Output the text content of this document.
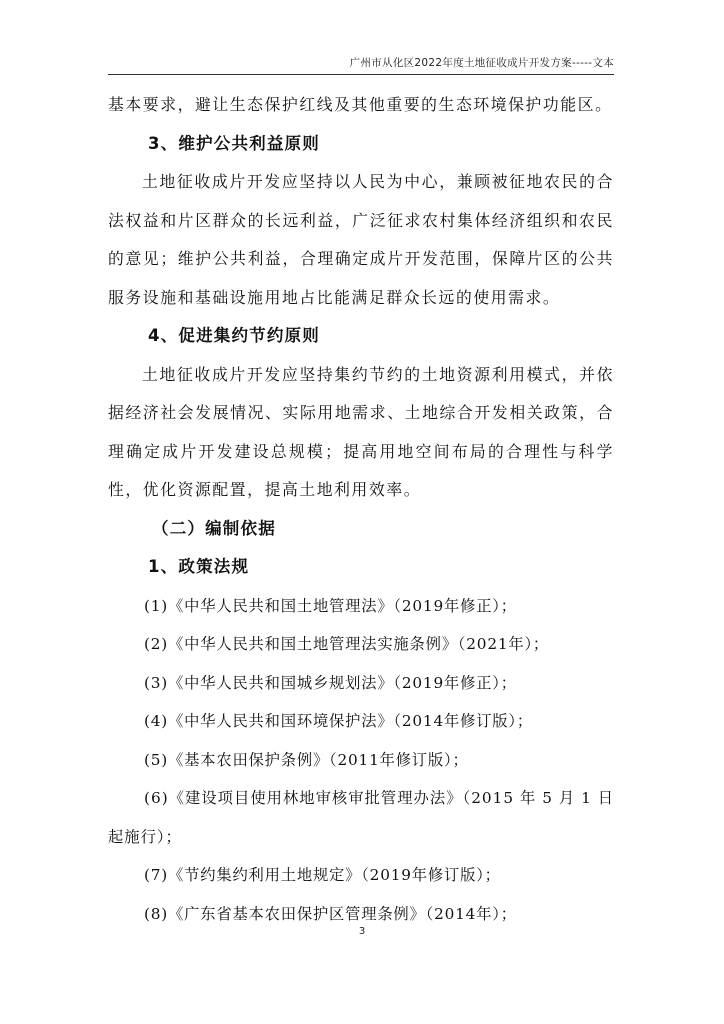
广州市从化区2022年度土地征收成片开发方案-----文本

基本要求，避让生态保护红线及其他重要的生态环境保护功能区。

3、维护公共利益原则

土地征收成片开发应坚持以人民为中心，兼顾被征地农民的合法权益和片区群众的长远利益，广泛征求农村集体经济组织和农民的意见；维护公共利益，合理确定成片开发范围，保障片区的公共服务设施和基础设施用地占比能满足群众长远的使用需求。

4、促进集约节约原则

土地征收成片开发应坚持集约节约的土地资源利用模式，并依据经济社会发展情况、实际用地需求、土地综合开发相关政策，合理确定成片开发建设总规模；提高用地空间布局的合理性与科学性，优化资源配置，提高土地利用效率。

（二）编制依据

1、政策法规

(1)《中华人民共和国土地管理法》（2019年修正）；

(2)《中华人民共和国土地管理法实施条例》（2021年）；

(3)《中华人民共和国城乡规划法》（2019年修正）；

(4)《中华人民共和国环境保护法》（2014年修订版）；

(5)《基本农田保护条例》（2011年修订版）；

(6)《建设项目使用林地审核审批管理办法》（2015 年 5 月 1 日起施行）；

(7)《节约集约利用土地规定》（2019年修订版）；

(8)《广东省基本农田保护区管理条例》（2014年）；

3
